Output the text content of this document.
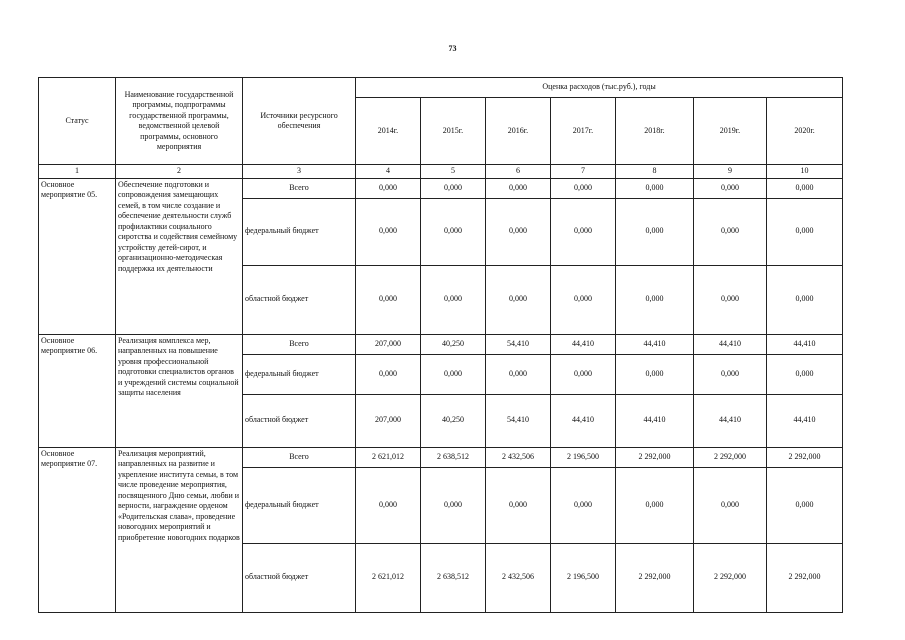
73
Статус	Наименование государственной программы, подпрограммы государственной программы, ведомственной целевой программы, основного мероприятия	Источники ресурсного обеспечения	Оценка расходов (тыс.руб.), годы						
			2014г.	2015г.	2016г.	2017г.	2018г.	2019г.	2020г.
1	2	3	4	5	6	7	8	9	10
Основное мероприятие 05.	Обеспечение подготовки и сопровождения замещающих семей, в том числе создание и обеспечение деятельности служб профилактики социального сиротства и содействия семейному устройству детей-сирот, и организационно-методическая поддержка их деятельности	Всего	0,000	0,000	0,000	0,000	0,000	0,000	0,000
		федеральный бюджет	0,000	0,000	0,000	0,000	0,000	0,000	0,000
		областной бюджет	0,000	0,000	0,000	0,000	0,000	0,000	0,000
Основное мероприятие 06.	Реализация комплекса мер, направленных на повышение уровня профессиональной подготовки специалистов органов и учреждений системы социальной защиты населения	Всего	207,000	40,250	54,410	44,410	44,410	44,410	44,410
		федеральный бюджет	0,000	0,000	0,000	0,000	0,000	0,000	0,000
		областной бюджет	207,000	40,250	54,410	44,410	44,410	44,410	44,410
Основное мероприятие 07.	Реализация мероприятий, направленных на развитие и укрепление института семьи, в том числе проведение мероприятия, посвященного Дню семьи, любви и верности, награждение орденом «Родительская слава», проведение новогодних мероприятий и приобретение новогодних подарков	Всего	2 621,012	2 638,512	2 432,506	2 196,500	2 292,000	2 292,000	2 292,000
		федеральный бюджет	0,000	0,000	0,000	0,000	0,000	0,000	0,000
		областной бюджет	2 621,012	2 638,512	2 432,506	2 196,500	2 292,000	2 292,000	2 292,000
